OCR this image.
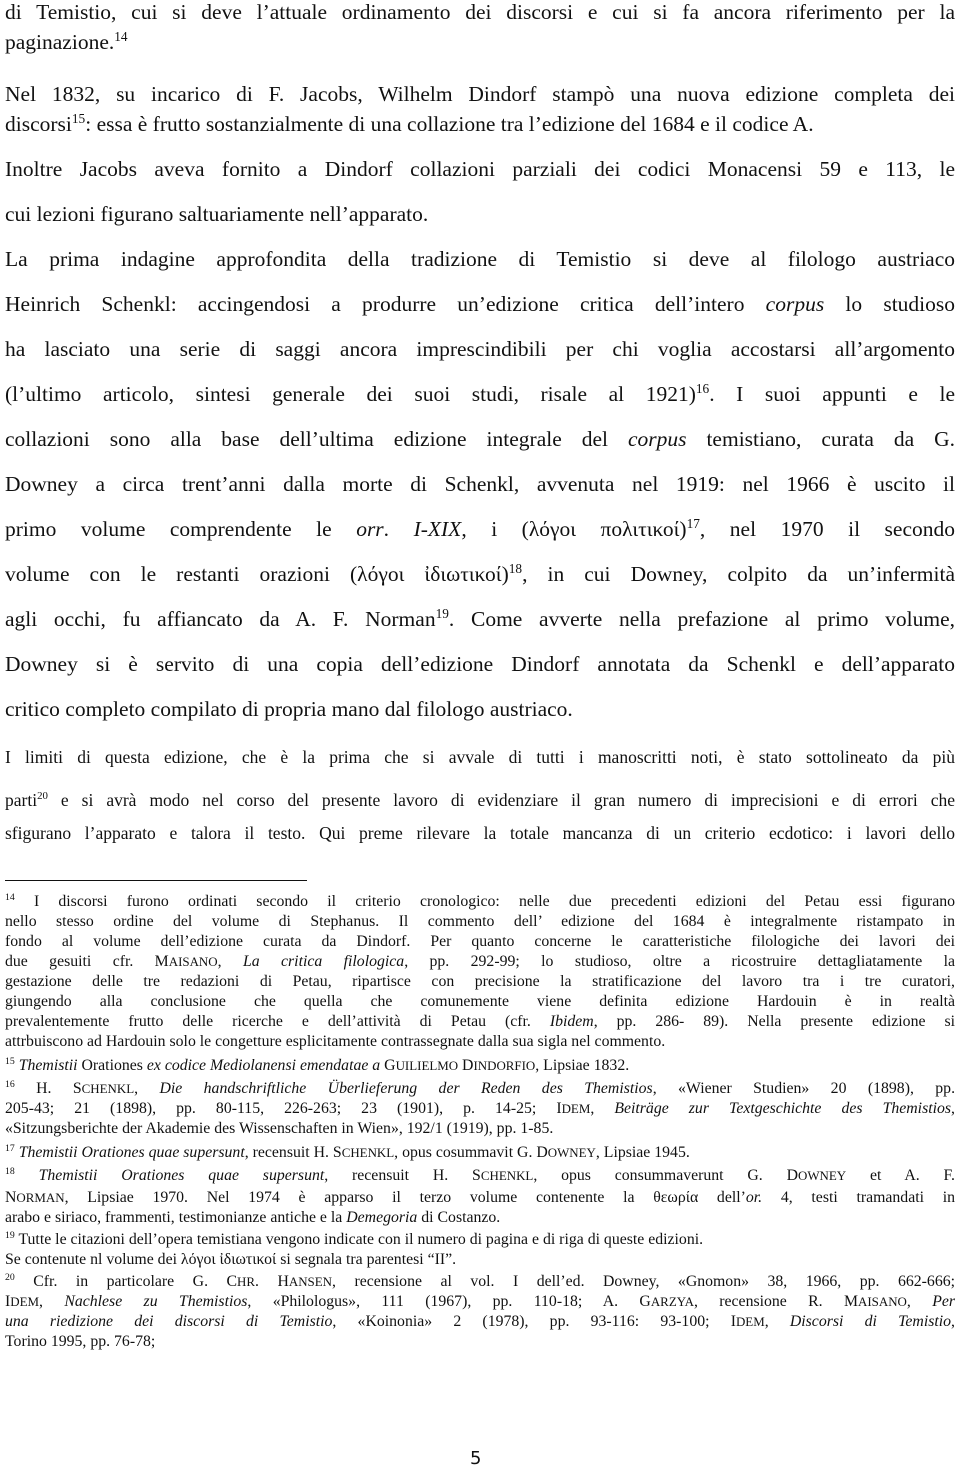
di Temistio, cui si deve l’attuale ordinamento dei discorsi e cui si fa ancora riferimento per la
paginazione.$^{14}$
Nel 1832, su incarico di F. Jacobs, Wilhelm Dindorf stampò una nuova edizione completa dei
discorsi$^{15}$: essa è frutto sostanzialmente di una collazione tra l’edizione del 1684 e il codice A.
Inoltre Jacobs aveva fornito a Dindorf collazioni parziali dei codici Monacensi 59 e 113, le
cui lezioni figurano saltuariamente nell’apparato.
La prima indagine approfondita della tradizione di Temistio si deve al filologo austriaco
Heinrich Schenkl: accingendosi a produrre un’edizione critica dell’intero corpus lo studioso
ha lasciato una serie di saggi ancora imprescindibili per chi voglia accostarsi all’argomento
(l’ultimo articolo, sintesi generale dei suoi studi, risale al 1921)$^{16}$. I suoi appunti e le
collazioni sono alla base dell’ultima edizione integrale del corpus temistiano, curata da G.
Downey a circa trent’anni dalla morte di Schenkl, avvenuta nel 1919: nel 1966 è uscito il
primo volume comprendente le orr. I-XIX, i (λόγοι πολιτικοί)$^{17}$, nel 1970 il secondo
volume con le restanti orazioni (λόγοι ἰδιωτικοί)$^{18}$, in cui Downey, colpito da un’infermità
agli occhi, fu affiancato da A. F. Norman$^{19}$. Come avverte nella prefazione al primo volume,
Downey si è servito di una copia dell’edizione Dindorf annotata da Schenkl e dell’apparato
critico completo compilato di propria mano dal filologo austriaco.
I limiti di questa edizione, che è la prima che si avvale di tutti i manoscritti noti, è stato sottolineato da più
parti$^{20}$ e si avrà modo nel corso del presente lavoro di evidenziare il gran numero di imprecisioni e di errori che
sfigurano l’apparato e talora il testo. Qui preme rilevare la totale mancanza di un criterio ecdotico: i lavori dello
$^{14}$ I discorsi furono ordinati secondo il criterio cronologico: nelle due precedenti edizioni del Petau essi figurano
nello stesso ordine del volume di Stephanus. Il commento dell’ edizione del 1684 è integralmente ristampato in
fondo al volume dell’edizione curata da Dindorf. Per quanto concerne le caratteristiche filologiche dei lavori dei
due gesuiti cfr. MAISANO, La critica filologica, pp. 292-99; lo studioso, oltre a ricostruire dettagliatamente la
gestazione delle tre redazioni di Petau, ripartisce con precisione la stratificazione del lavoro tra i tre curatori,
giungendo alla conclusione che quella che comunemente viene definita edizione Hardouin è in realtà
prevalentemente frutto delle ricerche e dell’attività di Petau (cfr. Ibidem, pp. 286- 89). Nella presente edizione si
attrbuiscono ad Hardouin solo le congetture esplicitamente contrassegnate dalla sua sigla nel commento.
$^{15}$ Themistii Orationes ex codice Mediolanensi emendatae a GUILIELMO DINDORFIO, Lipsiae 1832.
$^{16}$ H. SCHENKL, Die handschriftliche Überlieferung der Reden des Themistios, «Wiener Studien» 20 (1898), pp.
205-43; 21 (1898), pp. 80-115, 226-263; 23 (1901), p. 14-25; IDEM, Beiträge zur Textgeschichte des Themistios,
«Sitzungsberichte der Akademie des Wissenschaften in Wien», 192/1 (1919), pp. 1-85.
$^{17}$ Themistii Orationes quae supersunt, recensuit H. SCHENKL, opus cosummavit G. DOWNEY, Lipsiae 1945.
$^{18}$ Themistii Orationes quae supersunt, recensuit H. SCHENKL, opus consummaverunt G. DOWNEY et A. F.
NORMAN, Lipsiae 1970. Nel 1974 è apparso il terzo volume contenente la θεωρία dell’or. 4, testi tramandati in
arabo e siriaco, frammenti, testimonianze antiche e la Demegoria di Costanzo.
$^{19}$ Tutte le citazioni dell’opera temistiana vengono indicate con il numero di pagina e di riga di queste edizioni.
Se contenute nl volume dei λόγοι ἰδιωτικοί si segnala tra parentesi “II”.
$^{20}$ Cfr. in particolare G. CHR. HANSEN, recensione al vol. I dell’ed. Downey, «Gnomon» 38, 1966, pp. 662-666;
IDEM, Nachlese zu Themistios, «Philologus», 111 (1967), pp. 110-18; A. GARZYA, recensione R. MAISANO, Per
una riedizione dei discorsi di Temistio, «Koinonia» 2 (1978), pp. 93-116: 93-100; IDEM, Discorsi di Temistio,
Torino 1995, pp. 76-78;
5
